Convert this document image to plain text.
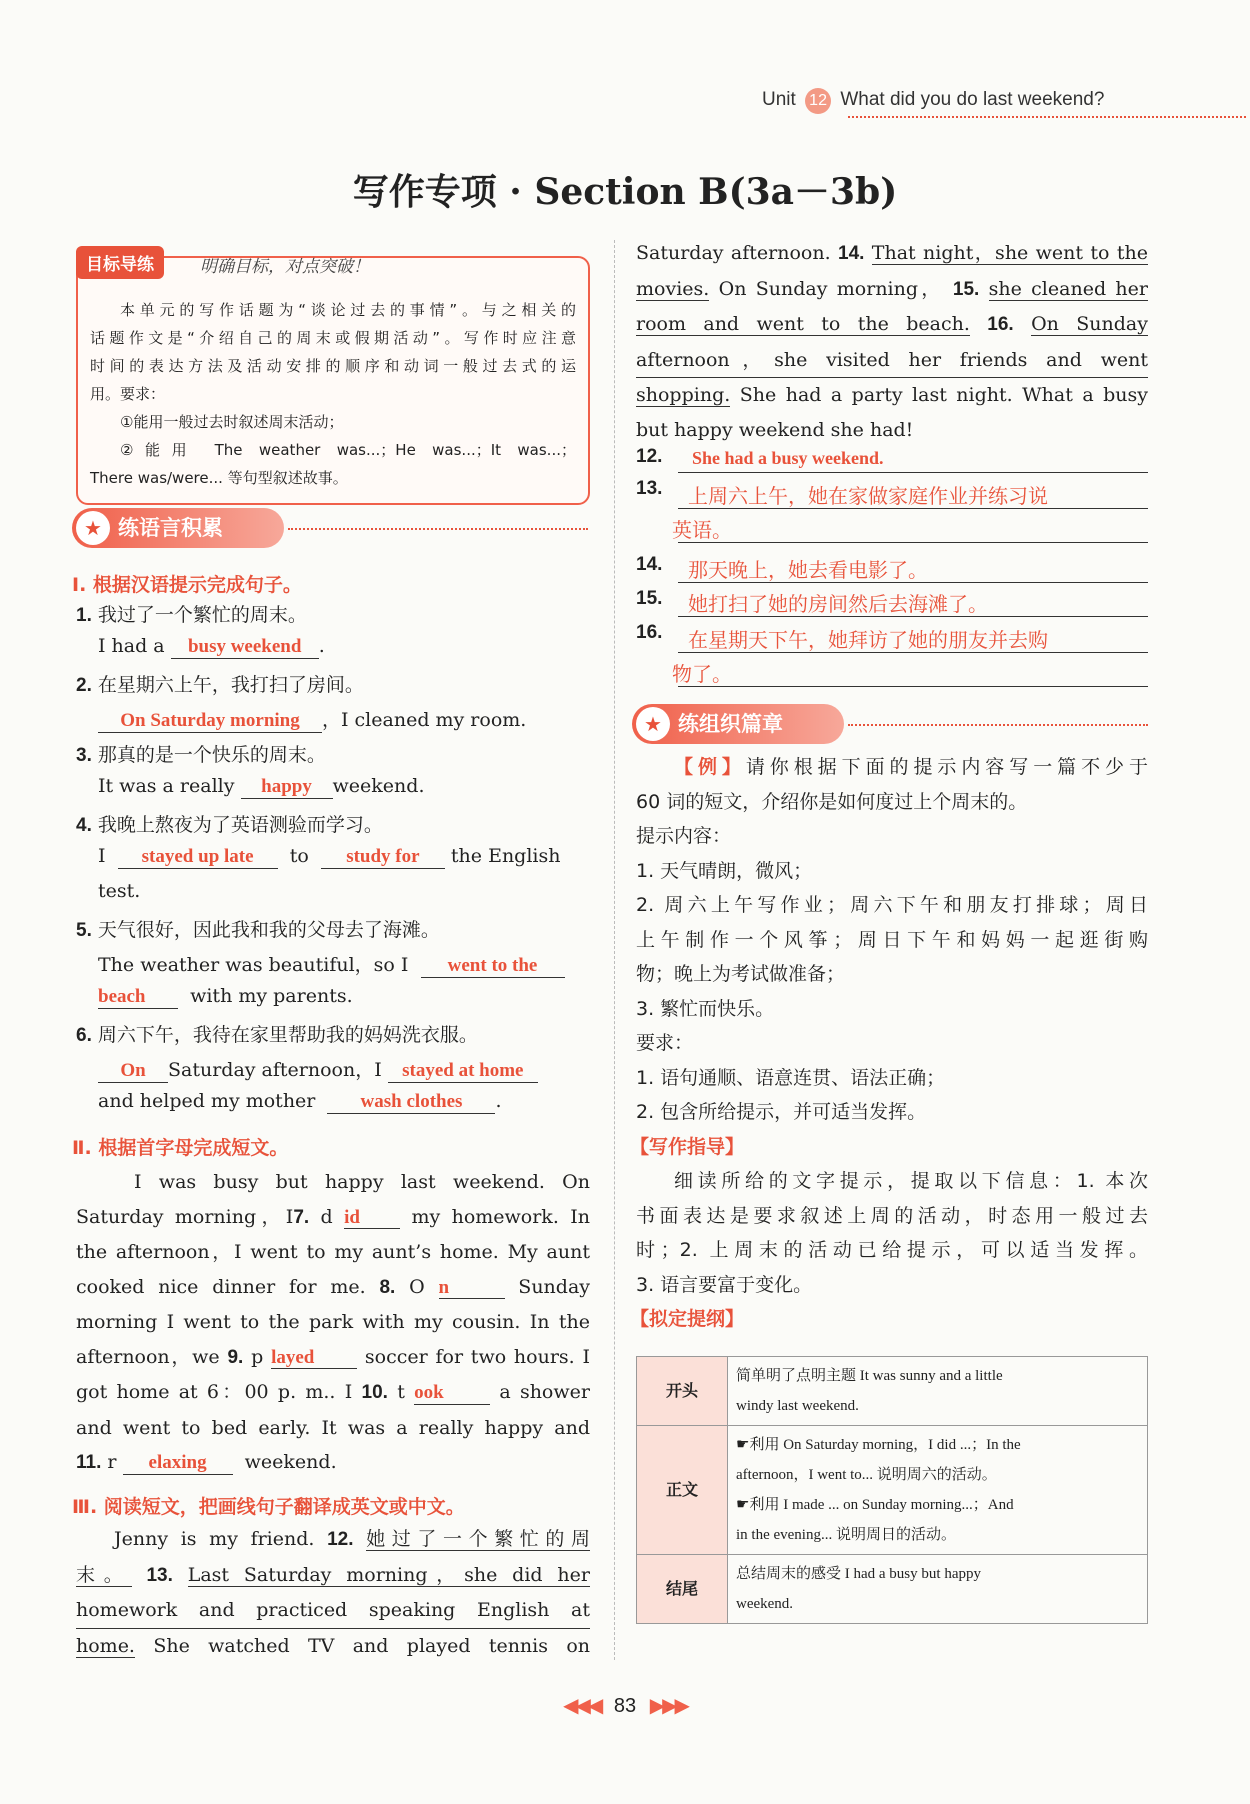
Unit 12 What did you do last weekend?
写作专项 · Section B(3a－3b)
目标导练	明确目标，对点突破！
本单元的写作话题为“谈论过去的事情”。与之相关的
话题作文是“介绍自己的周末或假期活动”。写作时应注意
时间的表达方法及活动安排的顺序和动词一般过去式的运
用。要求：
①能用一般过去时叙述周末活动；
②能用 The weather was...；He was...；It was...；
There was/were... 等句型叙述故事。
★ 练语言积累
Ⅰ. 根据汉语提示完成句子。
1. 我过了一个繁忙的周末。
I had a busy weekend .
2. 在星期六上午，我打扫了房间。
On Saturday morning ，I cleaned my room.
3. 那真的是一个快乐的周末。
It was a really happy weekend.
4. 我晚上熬夜为了英语测验而学习。
I stayed up late to study for the English
test.
5. 天气很好，因此我和我的父母去了海滩。
The weather was beautiful，so I went to the
beach with my parents.
6. 周六下午，我待在家里帮助我的妈妈洗衣服。
On Saturday afternoon，I stayed at home
and helped my mother wash clothes .
Ⅱ. 根据首字母完成短文。
I was busy but happy last weekend. On
Saturday morning，I7. d id	my homework. In
the afternoon，I went to my aunt’s home. My aunt
cooked nice dinner for me. 8. O n	Sunday
morning I went to the park with my cousin. In the
afternoon，we 9. p layed	soccer for two hours. I
got home at 6：00 p. m.. I 10. t ook	a shower
and went to bed early. It was a really happy and
11. r elaxing weekend.
Ⅲ. 阅读短文，把画线句子翻译成英文或中文。
Jenny is my friend. 12. 她过了一个繁忙的周
末。 13. Last Saturday morning，she did her
homework and practiced speaking English at
home. She watched TV and played tennis on
Saturday afternoon. 14. That night，she went to the
movies. On Sunday morning， 15. she cleaned her
room and went to the beach. 16. On Sunday
afternoon，she visited her friends and went
shopping. She had a party last night. What a busy
but happy weekend she had!
12. She had a busy weekend.
13. 上周六上午，她在家做家庭作业并练习说
英语。
14. 那天晚上，她去看电影了。
15. 她打扫了她的房间然后去海滩了。
16. 在星期天下午，她拜访了她的朋友并去购
物了。
★ 练组织篇章
【例】请你根据下面的提示内容写一篇不少于
60 词的短文，介绍你是如何度过上个周末的。
提示内容：
1. 天气晴朗，微风；
2. 周六上午写作业；周六下午和朋友打排球；周日
上午制作一个风筝；周日下午和妈妈一起逛街购
物；晚上为考试做准备；
3. 繁忙而快乐。
要求：
1. 语句通顺、语意连贯、语法正确；
2. 包含所给提示，并可适当发挥。
【写作指导】
细读所给的文字提示，提取以下信息：1. 本次
书面表达是要求叙述上周的活动，时态用一般过去
时；2. 上周末的活动已给提示，可以适当发挥。
3. 语言要富于变化。
【拟定提纲】
开头	简单明了点明主题 It was sunny and a little
windy last weekend.

正文	☛利用 On Saturday morning，I did ...；In the
afternoon，I went to... 说明周六的活动。
☛利用 I made ... on Sunday morning...；And
in the evening... 说明周日的活动。

结尾	总结周末的感受 I had a busy but happy
weekend.
◀◀◀ 83 ▶▶▶
